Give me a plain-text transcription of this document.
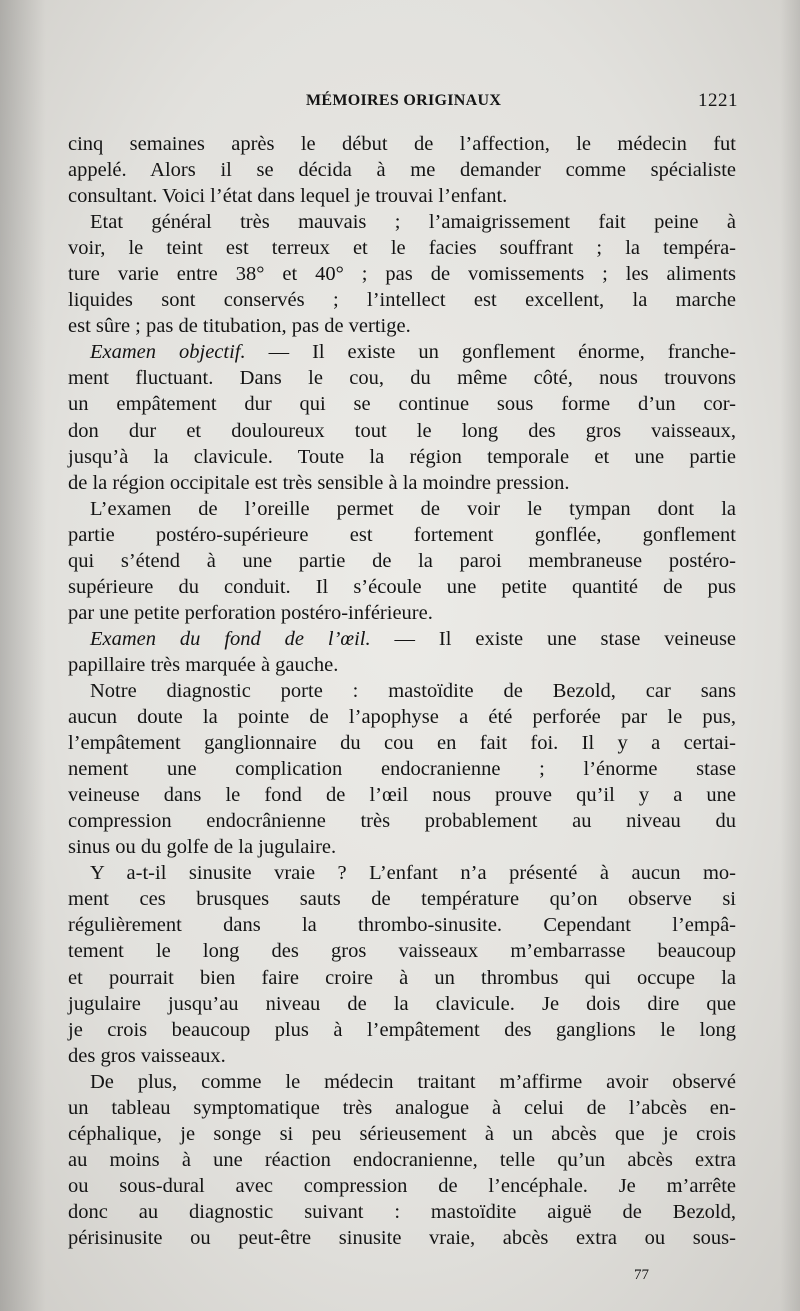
MÉMOIRES ORIGINAUX	1221
cinq semaines après le début de l’affection, le médecin fut
appelé. Alors il se décida à me demander comme spécialiste
consultant. Voici l’état dans lequel je trouvai l’enfant.
Etat général très mauvais ; l’amaigrissement fait peine à
voir, le teint est terreux et le facies souffrant ; la tempéra-
ture varie entre 38° et 40° ; pas de vomissements ; les aliments
liquides sont conservés ; l’intellect est excellent, la marche
est sûre ; pas de titubation, pas de vertige.
Examen objectif. — Il existe un gonflement énorme, franche-
ment fluctuant. Dans le cou, du même côté, nous trouvons
un empâtement dur qui se continue sous forme d’un cor-
don dur et douloureux tout le long des gros vaisseaux,
jusqu’à la clavicule. Toute la région temporale et une partie
de la région occipitale est très sensible à la moindre pression.
L’examen de l’oreille permet de voir le tympan dont la
partie postéro-supérieure est fortement gonflée, gonflement
qui s’étend à une partie de la paroi membraneuse postéro-
supérieure du conduit. Il s’écoule une petite quantité de pus
par une petite perforation postéro-inférieure.
Examen du fond de l’œil. — Il existe une stase veineuse
papillaire très marquée à gauche.
Notre diagnostic porte : mastoïdite de Bezold, car sans
aucun doute la pointe de l’apophyse a été perforée par le pus,
l’empâtement ganglionnaire du cou en fait foi. Il y a certai-
nement une complication endocranienne ; l’énorme stase
veineuse dans le fond de l’œil nous prouve qu’il y a une
compression endocrânienne très probablement au niveau du
sinus ou du golfe de la jugulaire.
Y a-t-il sinusite vraie ? L’enfant n’a présenté à aucun mo-
ment ces brusques sauts de température qu’on observe si
régulièrement dans la thrombo-sinusite. Cependant l’empâ-
tement le long des gros vaisseaux m’embarrasse beaucoup
et pourrait bien faire croire à un thrombus qui occupe la
jugulaire jusqu’au niveau de la clavicule. Je dois dire que
je crois beaucoup plus à l’empâtement des ganglions le long
des gros vaisseaux.
De plus, comme le médecin traitant m’affirme avoir observé
un tableau symptomatique très analogue à celui de l’abcès en-
céphalique, je songe si peu sérieusement à un abcès que je crois
au moins à une réaction endocranienne, telle qu’un abcès extra
ou sous-dural avec compression de l’encéphale. Je m’arrête
donc au diagnostic suivant : mastoïdite aiguë de Bezold,
périsinusite ou peut-être sinusite vraie, abcès extra ou sous-
77
